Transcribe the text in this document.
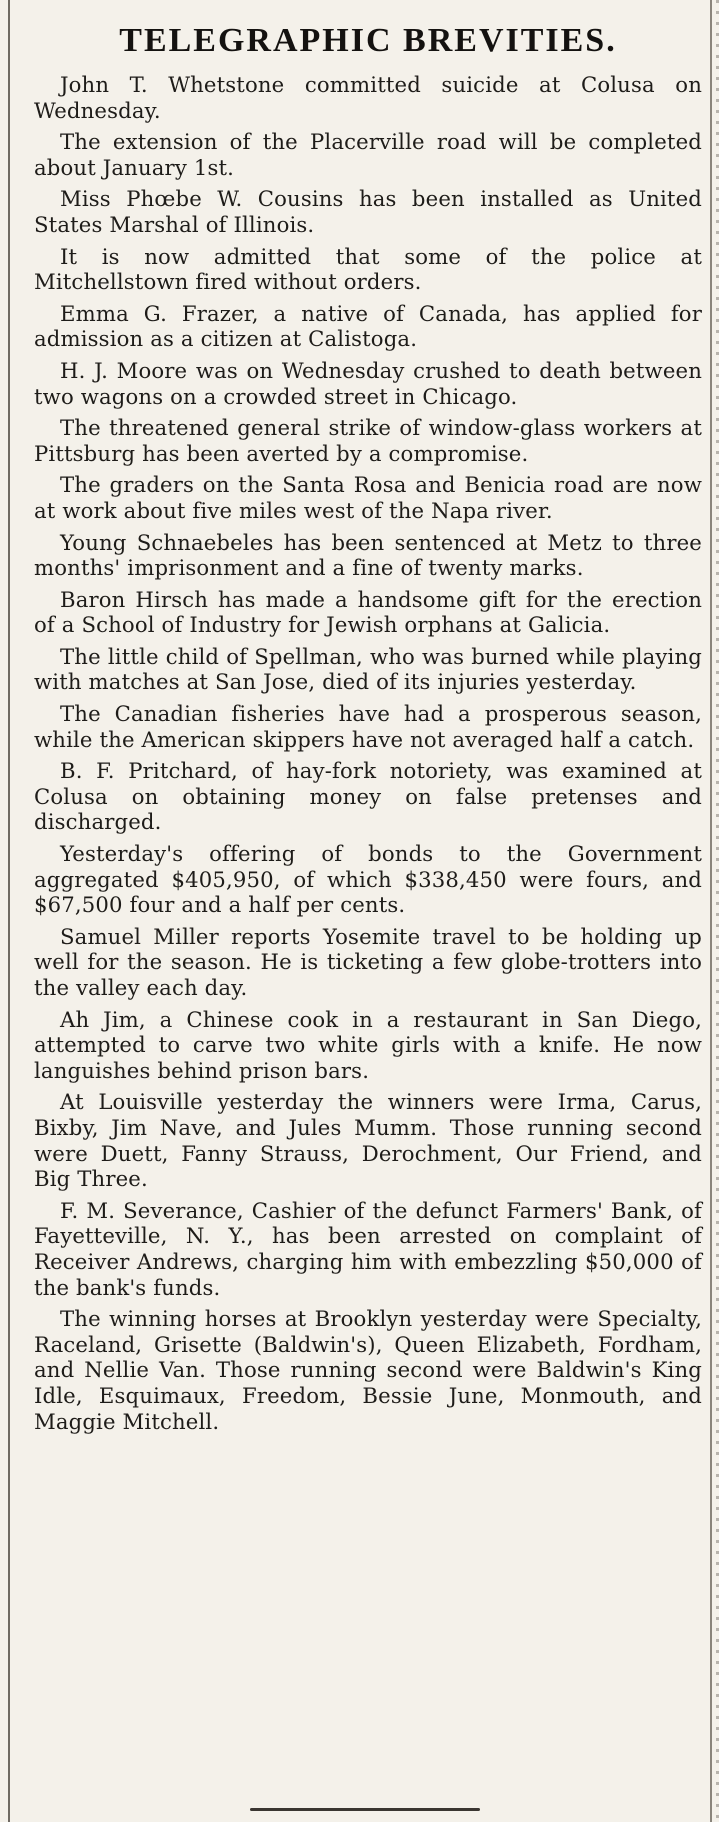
TELEGRAPHIC BREVITIES.

John T. Whetstone committed suicide at Colusa on Wednesday.

The extension of the Placerville road will be completed about January 1st.

Miss Phœbe W. Cousins has been installed as United States Marshal of Illinois.

It is now admitted that some of the police at Mitchellstown fired without orders.

Emma G. Frazer, a native of Canada, has applied for admission as a citizen at Calistoga.

H. J. Moore was on Wednesday crushed to death between two wagons on a crowded street in Chicago.

The threatened general strike of window-glass workers at Pittsburg has been averted by a compromise.

The graders on the Santa Rosa and Benicia road are now at work about five miles west of the Napa river.

Young Schnaebeles has been sentenced at Metz to three months' imprisonment and a fine of twenty marks.

Baron Hirsch has made a handsome gift for the erection of a School of Industry for Jewish orphans at Galicia.

The little child of Spellman, who was burned while playing with matches at San Jose, died of its injuries yesterday.

The Canadian fisheries have had a prosperous season, while the American skippers have not averaged half a catch.

B. F. Pritchard, of hay-fork notoriety, was examined at Colusa on obtaining money on false pretenses and discharged.

Yesterday's offering of bonds to the Government aggregated $405,950, of which $338,450 were fours, and $67,500 four and a half per cents.

Samuel Miller reports Yosemite travel to be holding up well for the season. He is ticketing a few globe-trotters into the valley each day.

Ah Jim, a Chinese cook in a restaurant in San Diego, attempted to carve two white girls with a knife. He now languishes behind prison bars.

At Louisville yesterday the winners were Irma, Carus, Bixby, Jim Nave, and Jules Mumm. Those running second were Duett, Fanny Strauss, Derochment, Our Friend, and Big Three.

F. M. Severance, Cashier of the defunct Farmers' Bank, of Fayetteville, N. Y., has been arrested on complaint of Receiver Andrews, charging him with embezzling $50,000 of the bank's funds.

The winning horses at Brooklyn yesterday were Specialty, Raceland, Grisette (Baldwin's), Queen Elizabeth, Fordham, and Nellie Van. Those running second were Baldwin's King Idle, Esquimaux, Freedom, Bessie June, Monmouth, and Maggie Mitchell.
